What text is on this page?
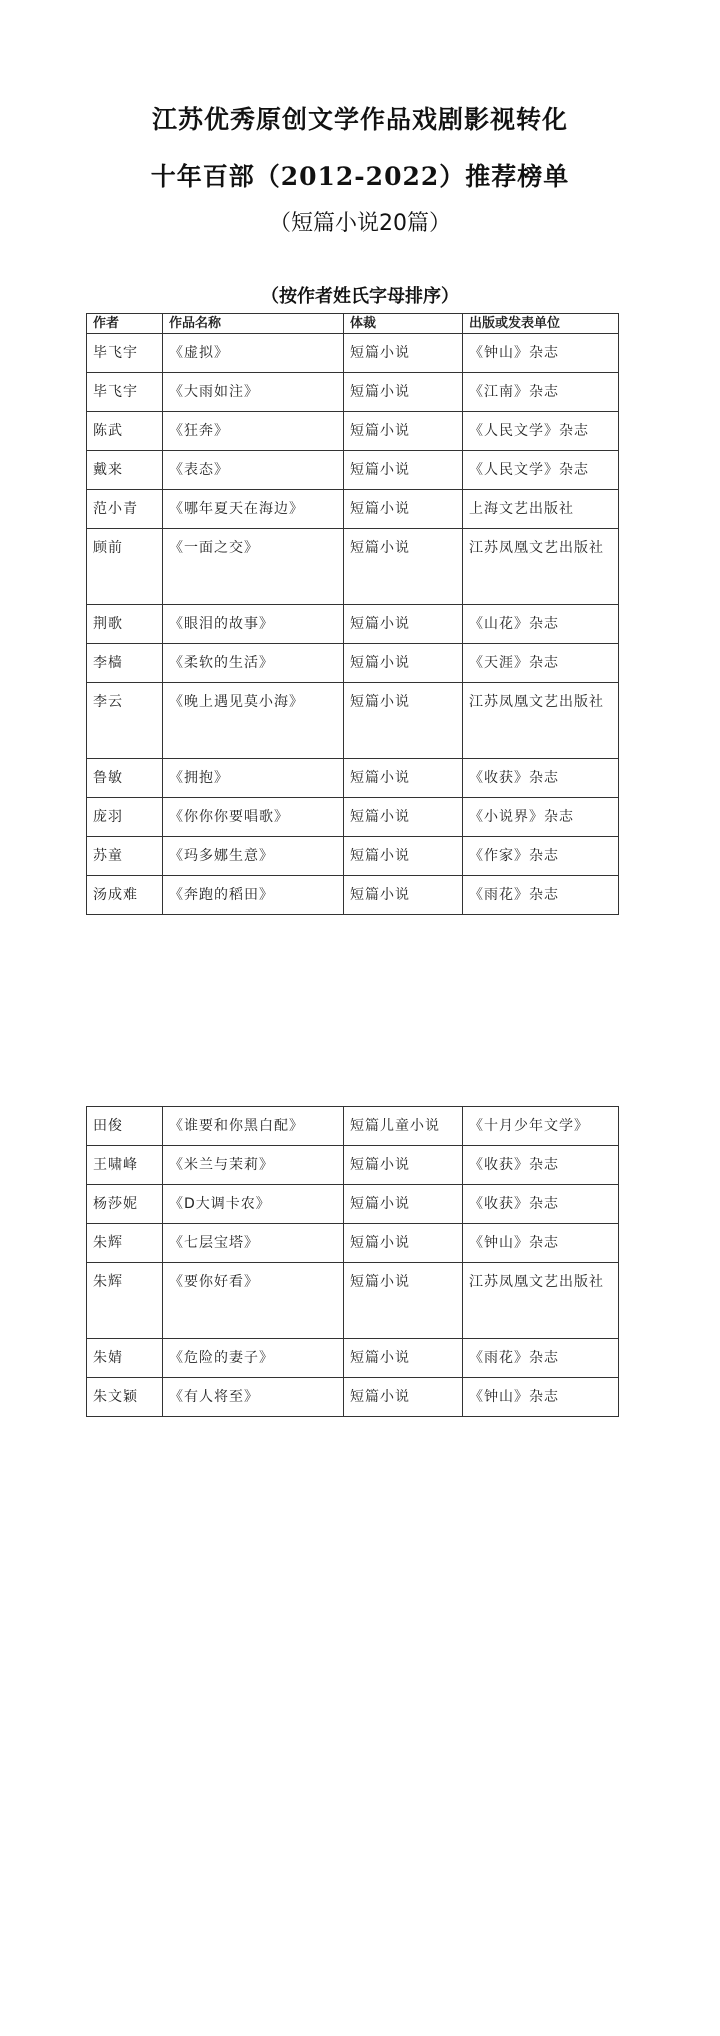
江苏优秀原创文学作品戏剧影视转化
十年百部（2012-2022）推荐榜单
（短篇小说20篇）
（按作者姓氏字母排序）
作者	作品名称	体裁	出版或发表单位
毕飞宇	《虚拟》	短篇小说	《钟山》杂志
毕飞宇	《大雨如注》	短篇小说	《江南》杂志
陈武	《狂奔》	短篇小说	《人民文学》杂志
戴来	《表态》	短篇小说	《人民文学》杂志
范小青	《哪年夏天在海边》	短篇小说	上海文艺出版社
顾前	《一面之交》	短篇小说	江苏凤凰文艺出版社
荆歌	《眼泪的故事》	短篇小说	《山花》杂志
李樯	《柔软的生活》	短篇小说	《天涯》杂志
李云	《晚上遇见莫小海》	短篇小说	江苏凤凰文艺出版社
鲁敏	《拥抱》	短篇小说	《收获》杂志
庞羽	《你你你要唱歌》	短篇小说	《小说界》杂志
苏童	《玛多娜生意》	短篇小说	《作家》杂志
汤成难	《奔跑的稻田》	短篇小说	《雨花》杂志
田俊	《谁要和你黑白配》	短篇儿童小说	《十月少年文学》
王啸峰	《米兰与茉莉》	短篇小说	《收获》杂志
杨莎妮	《D大调卡农》	短篇小说	《收获》杂志
朱辉	《七层宝塔》	短篇小说	《钟山》杂志
朱辉	《要你好看》	短篇小说	江苏凤凰文艺出版社
朱婧	《危险的妻子》	短篇小说	《雨花》杂志
朱文颖	《有人将至》	短篇小说	《钟山》杂志
